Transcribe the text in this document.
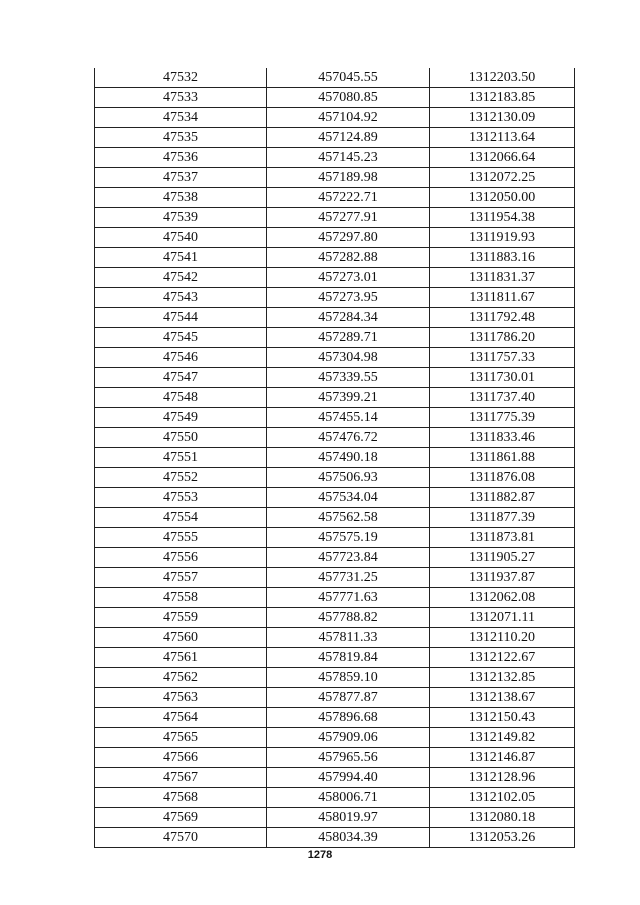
47532	457045.55	1312203.50
47533	457080.85	1312183.85
47534	457104.92	1312130.09
47535	457124.89	1312113.64
47536	457145.23	1312066.64
47537	457189.98	1312072.25
47538	457222.71	1312050.00
47539	457277.91	1311954.38
47540	457297.80	1311919.93
47541	457282.88	1311883.16
47542	457273.01	1311831.37
47543	457273.95	1311811.67
47544	457284.34	1311792.48
47545	457289.71	1311786.20
47546	457304.98	1311757.33
47547	457339.55	1311730.01
47548	457399.21	1311737.40
47549	457455.14	1311775.39
47550	457476.72	1311833.46
47551	457490.18	1311861.88
47552	457506.93	1311876.08
47553	457534.04	1311882.87
47554	457562.58	1311877.39
47555	457575.19	1311873.81
47556	457723.84	1311905.27
47557	457731.25	1311937.87
47558	457771.63	1312062.08
47559	457788.82	1312071.11
47560	457811.33	1312110.20
47561	457819.84	1312122.67
47562	457859.10	1312132.85
47563	457877.87	1312138.67
47564	457896.68	1312150.43
47565	457909.06	1312149.82
47566	457965.56	1312146.87
47567	457994.40	1312128.96
47568	458006.71	1312102.05
47569	458019.97	1312080.18
47570	458034.39	1312053.26
1278
